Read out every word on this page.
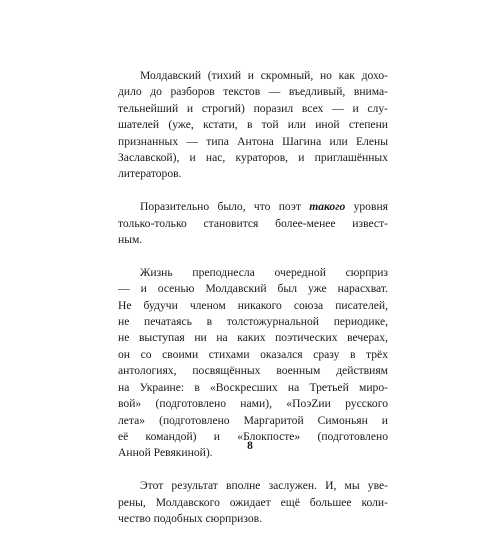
Молдавский (тихий и скромный, но как дохо-
дило до разборов текстов — въедливый, внима-
тельнейший и строгий) поразил всех — и слу-
шателей (уже, кстати, в той или иной степени
признанных — типа Антона Шагина или Елены
Заславской), и нас, кураторов, и приглашённых
литераторов.
Поразительно было, что поэт такого уровня
только-только становится более-менее извест-
ным.
Жизнь преподнесла очередной сюрприз
— и осенью Молдавский был уже нарасхват.
Не будучи членом никакого союза писателей,
не печатаясь в толстожурнальной периодике,
не выступая ни на каких поэтических вечерах,
он со своими стихами оказался сразу в трёх
антологиях, посвящённых военным действиям
на Украине: в «Воскресших на Третьей миро-
вой» (подготовлено нами), «ПоэZии русского
лета» (подготовлено Маргаритой Симоньян и
её командой) и «Блокпосте» (подготовлено
Анной Ревякиной).
Этот результат вполне заслужен. И, мы уве-
рены, Молдавского ожидает ещё большее коли-
чество подобных сюрпризов.
8
